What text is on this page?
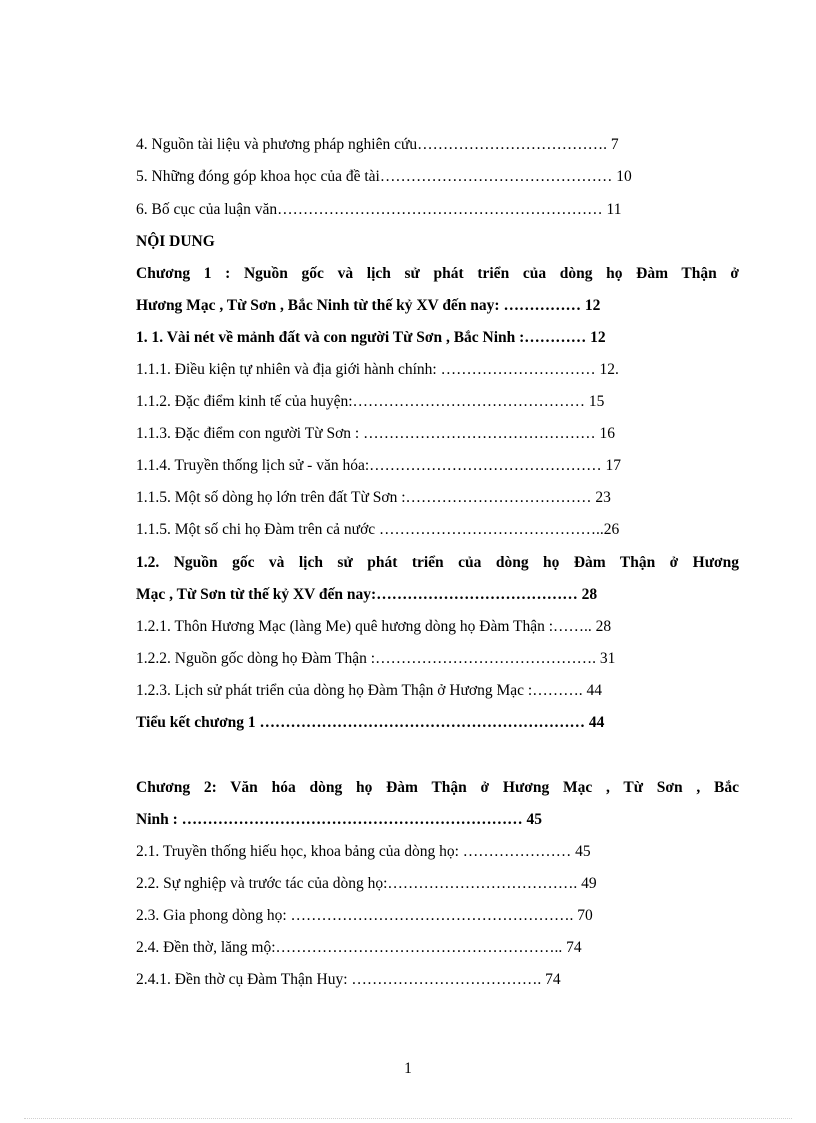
4. Nguồn tài liệu và phương pháp nghiên cứu………………………………. 7
5. Những đóng góp khoa học của đề tài……………………………………… 10
6. Bố cục của luận văn……………………………………………………… 11
NỘI DUNG
Chương 1 : Nguồn gốc và lịch sử phát triển của dòng họ Đàm Thận ở
Hương Mạc , Từ Sơn , Bắc Ninh từ thế kỷ XV đến nay: …………… 12
1. 1. Vài nét về mảnh đất và con người Từ Sơn , Bắc Ninh :………… 12
1.1.1. Điều kiện tự nhiên và địa giới hành chính: ………………………… 12.
1.1.2. Đặc điểm kinh tế của huyện:……………………………………… 15
1.1.3. Đặc điểm con người Từ Sơn : ……………………………………… 16
1.1.4. Truyền thống lịch sử - văn hóa:……………………………………… 17
1.1.5. Một số dòng họ lớn trên đất Từ Sơn :……………………………… 23
1.1.5. Một số chi họ Đàm trên cả nước ……………………………………..26
1.2. Nguồn gốc và lịch sử phát triển của dòng họ Đàm Thận ở Hương
Mạc , Từ Sơn từ thế kỷ XV đến nay:………………………………… 28
1.2.1. Thôn Hương Mạc (làng Me) quê hương dòng họ Đàm Thận :…….. 28
1.2.2. Nguồn gốc dòng họ Đàm Thận :……………………………………. 31
1.2.3. Lịch sử phát triển của dòng họ Đàm Thận ở Hương Mạc :………. 44
Tiểu kết chương 1 ……………………………………………………… 44
Chương 2: Văn hóa dòng họ Đàm Thận ở Hương Mạc , Từ Sơn , Bắc
Ninh : ………………………………………………………… 45
2.1. Truyền thống hiếu học, khoa bảng của dòng họ: ………………… 45
2.2. Sự nghiệp và trước tác của dòng họ:………………………………. 49
2.3. Gia phong dòng họ: ………………………………………………. 70
2.4. Đền thờ, lăng mộ:……………………………………………….. 74
2.4.1. Đền thờ cụ Đàm Thận Huy: ………………………………. 74
1
